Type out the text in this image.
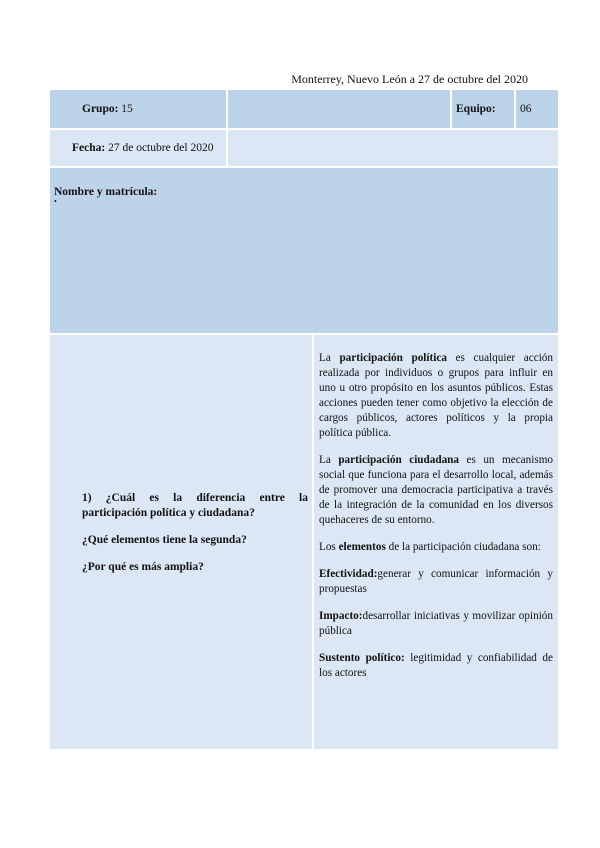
Monterrey, Nuevo León a 27 de octubre del 2020
Grupo: 15	Equipo: 06
Fecha: 27 de octubre del 2020
Nombre y matrícula:
•

1) ¿Cuál es la diferencia entre la participación política y ciudadana?

¿Qué elementos tiene la segunda?

¿Por qué es más amplia?

La participación política es cualquier acción realizada por individuos o grupos para influir en uno u otro propósito en los asuntos públicos. Estas acciones pueden tener como objetivo la elección de cargos públicos, actores políticos y la propia política pública.

La participación ciudadana es un mecanismo social que funciona para el desarrollo local, además de promover una democracia participativa a través de la integración de la comunidad en los diversos quehaceres de su entorno.

Los elementos de la participación ciudadana son:

Efectividad:generar y comunicar información y propuestas

Impacto:desarrollar iniciativas y movilizar opinión pública

Sustento político: legitimidad y confiabilidad de los actores
